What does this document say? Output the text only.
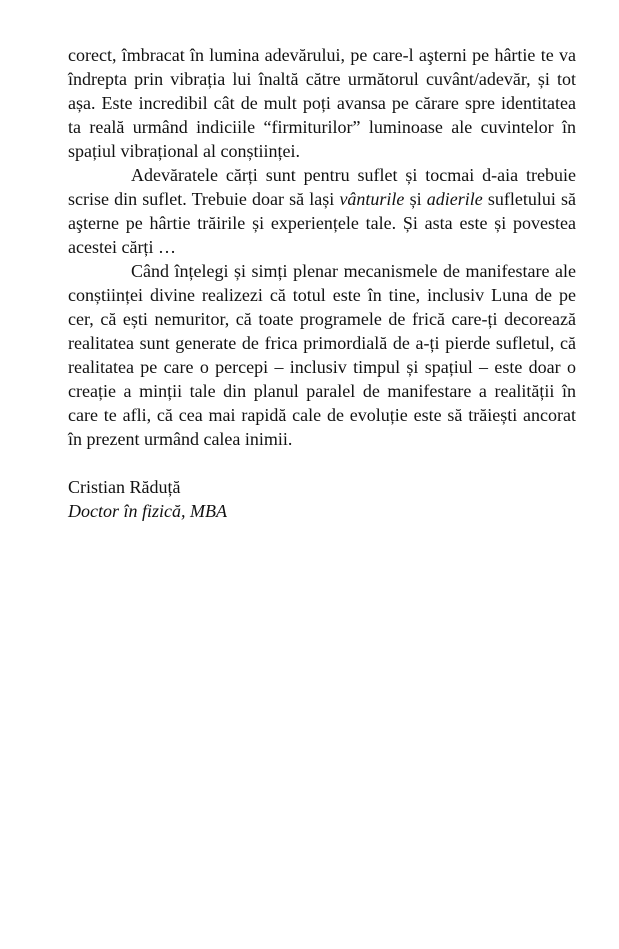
corect, îmbracat în lumina adevărului, pe care-l aşterni pe hârtie te va îndrepta prin vibrația lui înaltă către următorul cuvânt/adevăr, și tot așa. Este incredibil cât de mult poți avansa pe cărare spre identitatea ta reală urmând indiciile “firmiturilor” luminoase ale cuvintelor în spațiul vibrațional al conștiinței.

Adevăratele cărți sunt pentru suflet și tocmai d-aia trebuie scrise din suflet. Trebuie doar să lași vânturile și adierile sufletului să aşterne pe hârtie trăirile și experiențele tale. Și asta este și povestea acestei cărți …

Când înțelegi și simți plenar mecanismele de manifestare ale conștiinței divine realizezi că totul este în tine, inclusiv Luna de pe cer, că ești nemuritor, că toate programele de frică care-ți decorează realitatea sunt generate de frica primordială de a-ți pierde sufletul, că realitatea pe care o percepi – inclusiv timpul și spațiul – este doar o creație a minții tale din planul paralel de manifestare a realității în care te afli, că cea mai rapidă cale de evoluție este să trăiești ancorat în prezent urmând calea inimii.

Cristian Răduță
Doctor în fizică, MBA
